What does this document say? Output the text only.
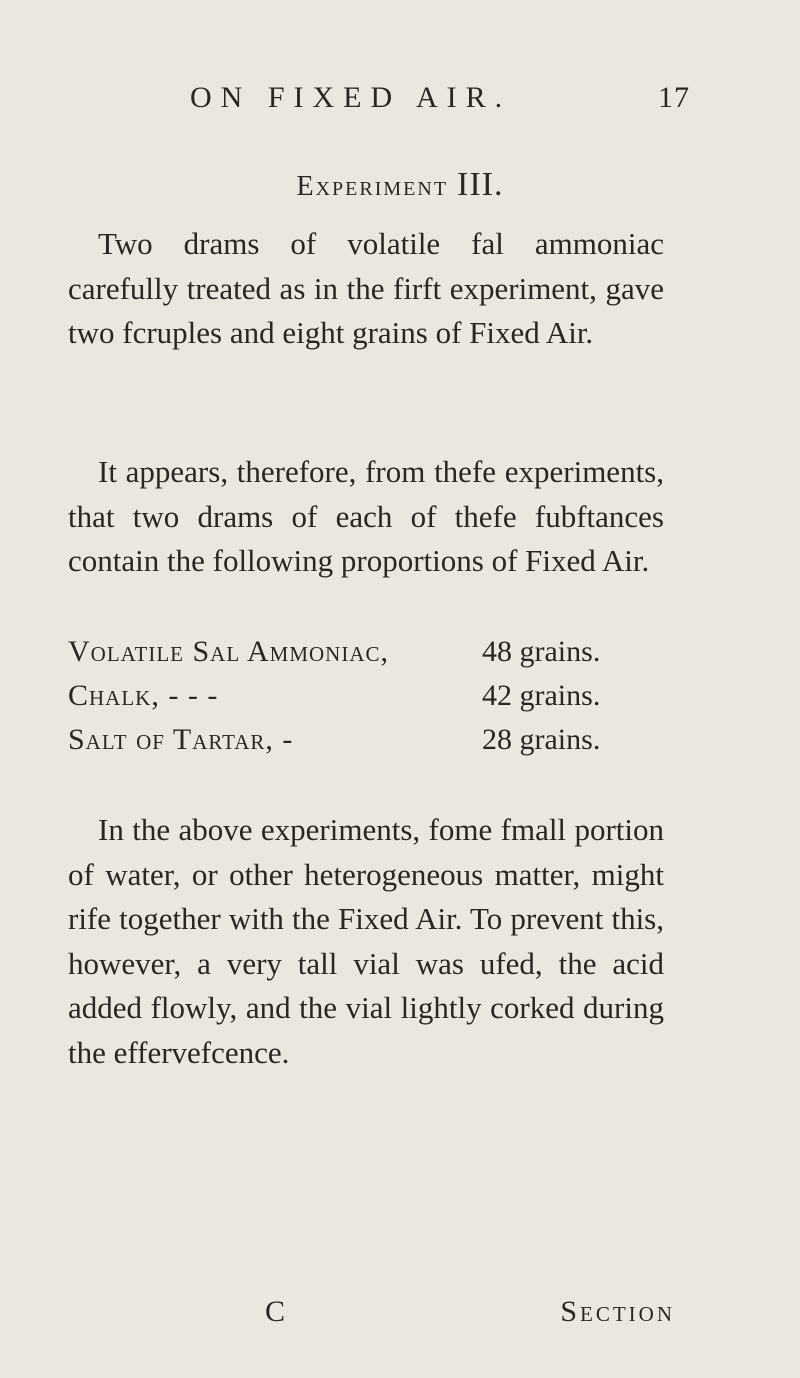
ON FIXED AIR.	17
Experiment III.
Two drams of volatile fal ammoniac carefully treated as in the firft experiment, gave two fcruples and eight grains of Fixed Air.
It appears, therefore, from thefe experiments, that two drams of each of thefe fubftances contain the following proportions of Fixed Air.
Volatile Sal Ammoniac,	48 grains.
Chalk, - - -	42 grains.
Salt of Tartar, -	28 grains.
In the above experiments, fome fmall portion of water, or other heterogeneous matter, might rife together with the Fixed Air. To prevent this, however, a very tall vial was ufed, the acid added flowly, and the vial lightly corked during the effervefcence.
C	Section
